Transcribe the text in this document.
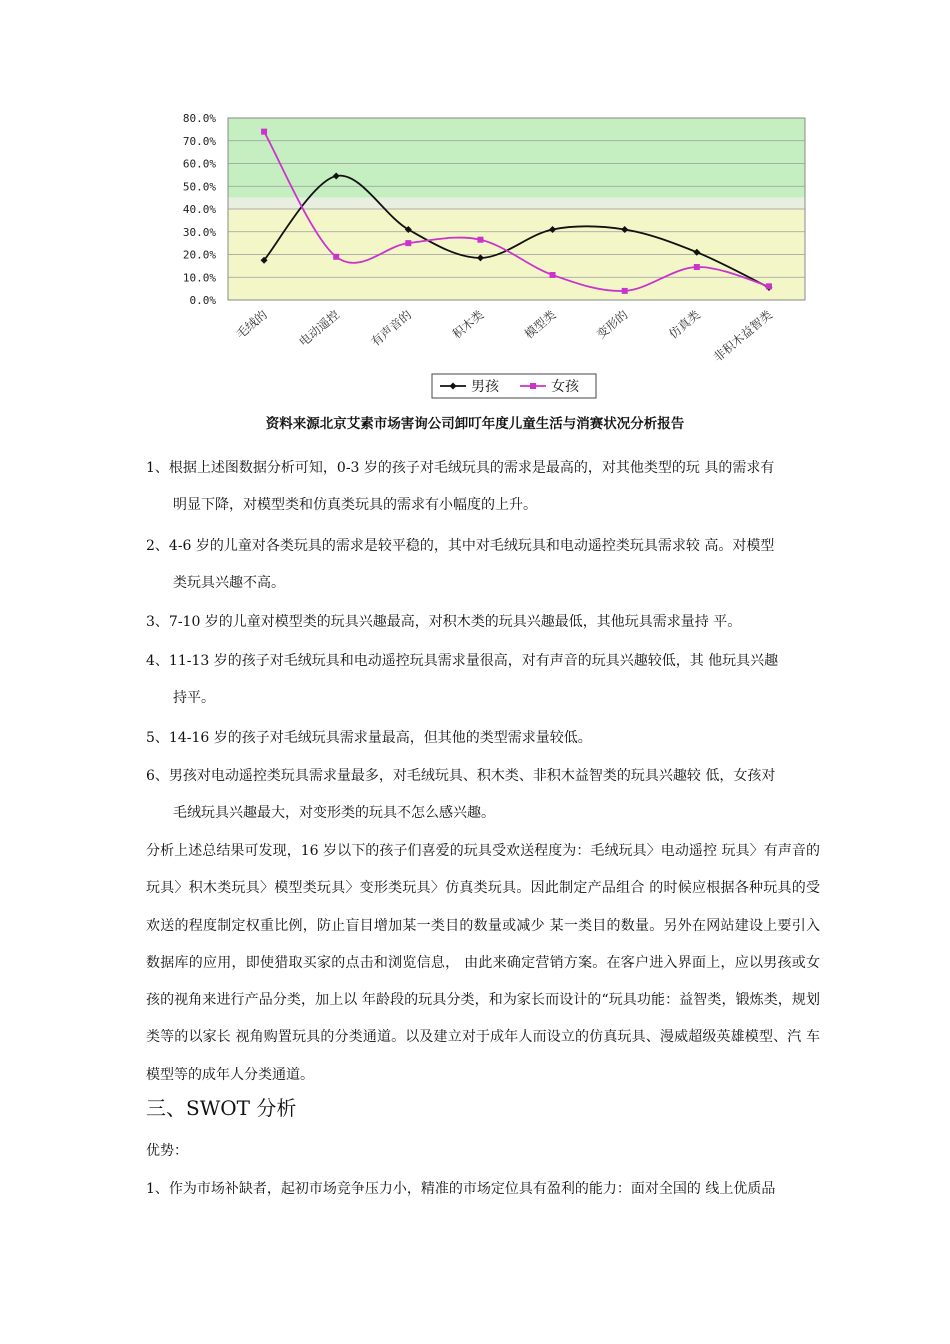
0.0%
10.0%
20.0%
30.0%
40.0%
50.0%
60.0%
70.0%
80.0%
毛绒的 电动遥控 有声音的	积木类	模型类	变形的	仿真类 非积木益智类
男孩	女孩
资料来源北京艾素市场害询公司卸叮年度儿童生活与消赛状况分析报告
1、根据上述图数据分析可知，0-3 岁的孩子对毛绒玩具的需求是最高的，对其他类型的玩 具的需求有
明显下降，对模型类和仿真类玩具的需求有小幅度的上升。
2、4-6 岁的儿童对各类玩具的需求是较平稳的，其中对毛绒玩具和电动遥控类玩具需求较 高。对模型
类玩具兴趣不高。
3、7-10 岁的儿童对模型类的玩具兴趣最高，对积木类的玩具兴趣最低，其他玩具需求量持 平。
4、11-13 岁的孩子对毛绒玩具和电动遥控玩具需求量很高，对有声音的玩具兴趣较低，其 他玩具兴趣
持平。
5、14-16 岁的孩子对毛绒玩具需求量最高，但其他的类型需求量较低。
6、男孩对电动遥控类玩具需求量最多，对毛绒玩具、积木类、非积木益智类的玩具兴趣较 低，女孩对
毛绒玩具兴趣最大，对变形类的玩具不怎么感兴趣。
分析上述总结果可发现，16 岁以下的孩子们喜爱的玩具受欢送程度为：毛绒玩具〉电动遥控 玩具〉有声音的玩具〉积木类玩具〉模型类玩具〉变形类玩具〉仿真类玩具。因此制定产品组合 的时候应根据各种玩具的受欢送的程度制定权重比例，防止盲目增加某一类目的数量或减少 某一类目的数量。另外在网站建设上要引入数据库的应用，即使猎取买家的点击和浏览信息， 由此来确定营销方案。在客户进入界面上，应以男孩或女孩的视角来进行产品分类，加上以 年龄段的玩具分类，和为家长而设计的“玩具功能：益智类，锻炼类，规划类等的以家长 视角购置玩具的分类通道。以及建立对于成年人而设立的仿真玩具、漫威超级英雄模型、汽 车模型等的成年人分类通道。
三、SWOT 分析
优势：
1、作为市场补缺者，起初市场竞争压力小，精准的市场定位具有盈利的能力：面对全国的 线上优质品
